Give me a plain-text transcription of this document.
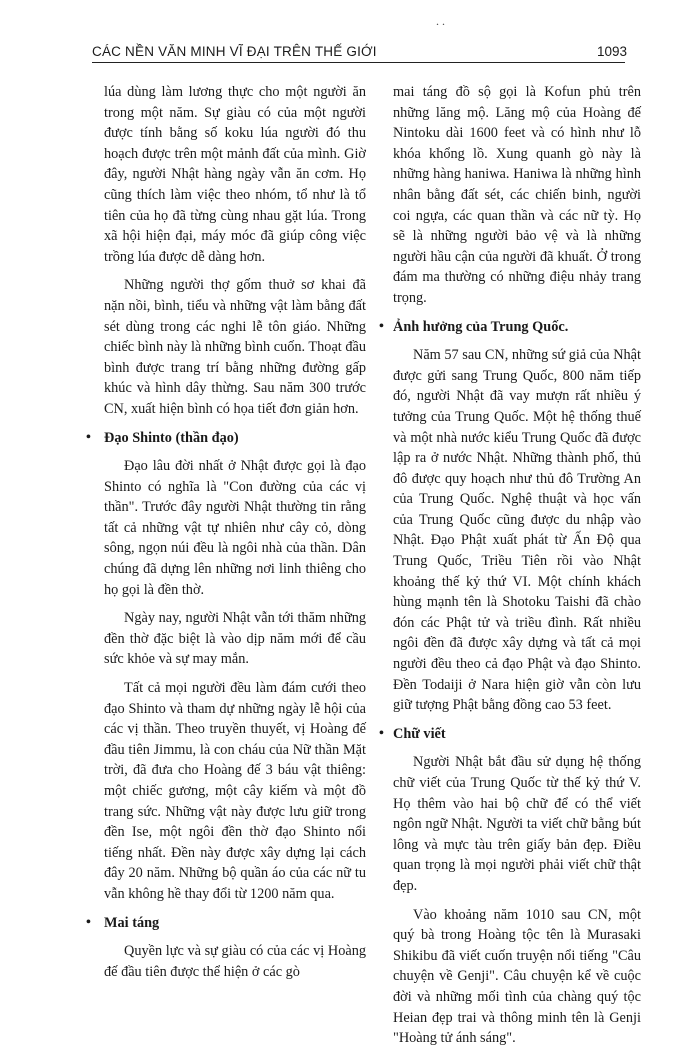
. .
CÁC NỀN VĂN MINH VĨ ĐẠI TRÊN THẾ GIỚI	1093

lúa dùng làm lương thực cho một người ăn trong một năm. Sự giàu có của một người được tính bằng số koku lúa người đó thu hoạch được trên một mảnh đất của mình. Giờ đây, người Nhật hàng ngày vẫn ăn cơm. Họ cũng thích làm việc theo nhóm, tổ như là tổ tiên của họ đã từng cùng nhau gặt lúa. Trong xã hội hiện đại, máy móc đã giúp công việc trồng lúa được dễ dàng hơn.

Những người thợ gốm thuở sơ khai đã nặn nồi, bình, tiểu và những vật làm bằng đất sét dùng trong các nghi lễ tôn giáo. Những chiếc bình này là những bình cuốn. Thoạt đầu bình được trang trí bằng những đường gấp khúc và hình dây thừng. Sau năm 300 trước CN, xuất hiện bình có họa tiết đơn giản hơn.

• Đạo Shinto (thần đạo)

Đạo lâu đời nhất ở Nhật được gọi là đạo Shinto có nghĩa là "Con đường của các vị thần". Trước đây người Nhật thường tin rằng tất cả những vật tự nhiên như cây cỏ, dòng sông, ngọn núi đều là ngôi nhà của thần. Dân chúng đã dựng lên những nơi linh thiêng cho họ gọi là đền thờ.

Ngày nay, người Nhật vẫn tới thăm những đền thờ đặc biệt là vào dịp năm mới để cầu sức khỏe và sự may mắn.

Tất cả mọi người đều làm đám cưới theo đạo Shinto và tham dự những ngày lễ hội của các vị thần. Theo truyền thuyết, vị Hoàng đế đầu tiên Jimmu, là con cháu của Nữ thần Mặt trời, đã đưa cho Hoàng đế 3 báu vật thiêng: một chiếc gương, một cây kiếm và một đồ trang sức. Những vật này được lưu giữ trong đền Ise, một ngôi đền thờ đạo Shinto nổi tiếng nhất. Đền này được xây dựng lại cách đây 20 năm. Những bộ quần áo của các nữ tu vẫn không hề thay đổi từ 1200 năm qua.

• Mai táng

Quyền lực và sự giàu có của các vị Hoàng đế đầu tiên được thể hiện ở các gò

mai táng đồ sộ gọi là Kofun phủ trên những lăng mộ. Lăng mộ của Hoàng đế Nintoku dài 1600 feet và có hình như lỗ khóa khổng lồ. Xung quanh gò này là những hàng haniwa. Haniwa là những hình nhân bằng đất sét, các chiến binh, người coi ngựa, các quan thần và các nữ tỳ. Họ sẽ là những người bảo vệ và là những người hầu cận của người đã khuất. Ở trong đám ma thường có những điệu nhảy trang trọng.

• Ảnh hưởng của Trung Quốc.

Năm 57 sau CN, những sứ giả của Nhật được gửi sang Trung Quốc, 800 năm tiếp đó, người Nhật đã vay mượn rất nhiều ý tưởng của Trung Quốc. Một hệ thống thuế và một nhà nước kiểu Trung Quốc đã được lập ra ở nước Nhật. Những thành phố, thủ đô được quy hoạch như thủ đô Trường An của Trung Quốc. Nghệ thuật và học vấn của Trung Quốc cũng được du nhập vào Nhật. Đạo Phật xuất phát từ Ấn Độ qua Trung Quốc, Triều Tiên rồi vào Nhật khoảng thế kỷ thứ VI. Một chính khách hùng mạnh tên là Shotoku Taishi đã chào đón các Phật tử và triều đình. Rất nhiều ngôi đền đã được xây dựng và tất cả mọi người đều theo cả đạo Phật và đạo Shinto. Đền Todaiji ở Nara hiện giờ vẫn còn lưu giữ tượng Phật bằng đồng cao 53 feet.

• Chữ viết

Người Nhật bắt đầu sử dụng hệ thống chữ viết của Trung Quốc từ thế kỷ thứ V. Họ thêm vào hai bộ chữ để có thể viết ngôn ngữ Nhật. Người ta viết chữ bằng bút lông và mực tàu trên giấy bản đẹp. Điều quan trọng là mọi người phải viết chữ thật đẹp.

Vào khoảng năm 1010 sau CN, một quý bà trong Hoàng tộc tên là Murasaki Shikibu đã viết cuốn truyện nổi tiếng "Câu chuyện về Genji". Câu chuyện kể về cuộc đời và những mối tình của chàng quý tộc Heian đẹp trai và thông minh tên là Genji "Hoàng tử ánh sáng".
